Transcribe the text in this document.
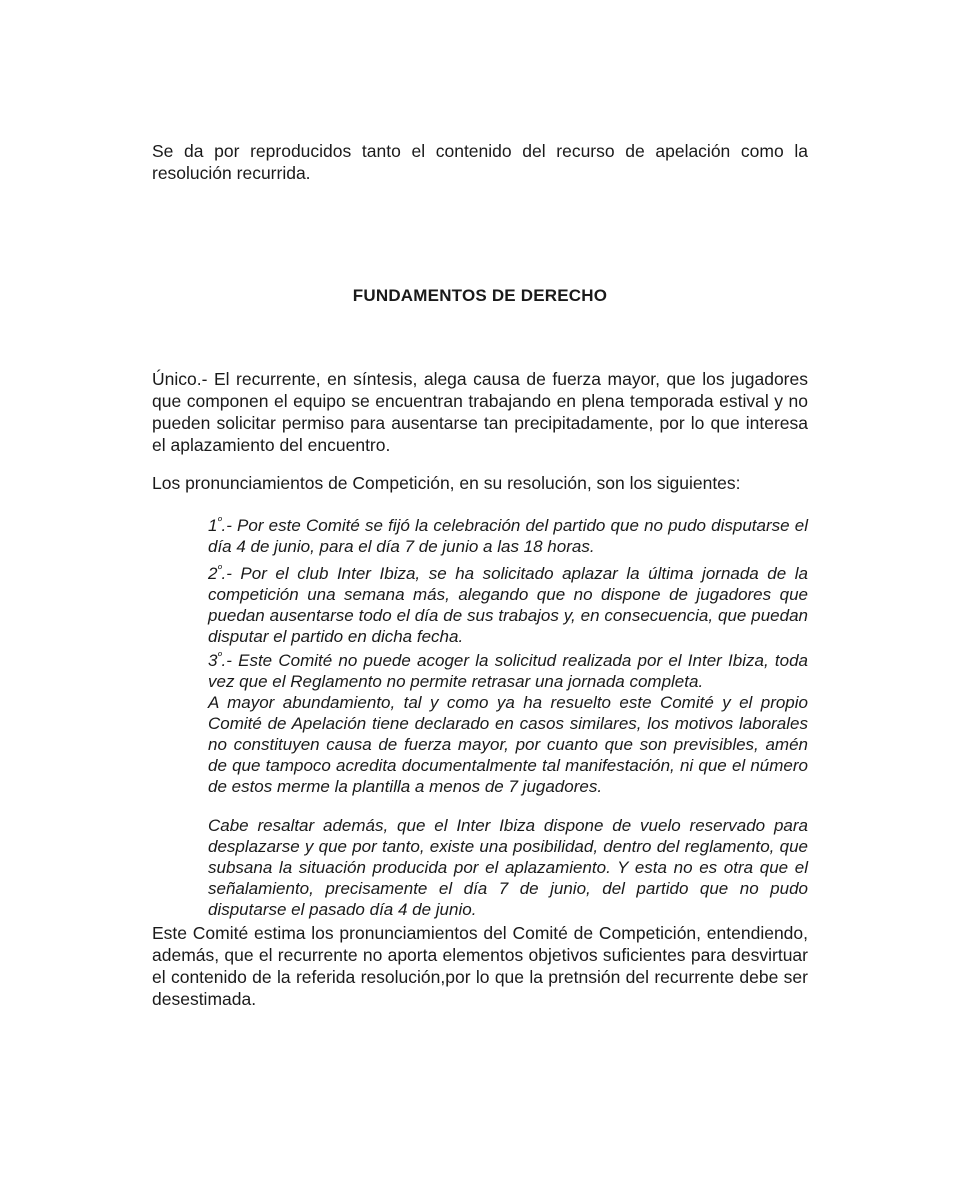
Se da por reproducidos tanto el contenido del recurso de apelación como la resolución recurrida.

FUNDAMENTOS DE DERECHO

Único.- El recurrente, en síntesis, alega causa de fuerza mayor, que los jugadores que componen el equipo se encuentran trabajando en plena temporada estival y no pueden solicitar permiso para ausentarse tan precipitadamente, por lo que interesa el aplazamiento del encuentro.

Los pronunciamientos de Competición, en su resolución, son los siguientes:

$1^º.-$ Por este Comité se fijó la celebración del partido que no pudo disputarse el día 4 de junio, para el día 7 de junio a las 18 horas.

$2^º.-$ Por el club Inter Ibiza, se ha solicitado aplazar la última jornada de la competición una semana más, alegando que no dispone de jugadores que puedan ausentarse todo el día de sus trabajos y, en consecuencia, que puedan disputar el partido en dicha fecha.

$3^º.-$ Este Comité no puede acoger la solicitud realizada por el Inter Ibiza, toda vez que el Reglamento no permite retrasar una jornada completa.

A mayor abundamiento, tal y como ya ha resuelto este Comité y el propio Comité de Apelación tiene declarado en casos similares, los motivos laborales no constituyen causa de fuerza mayor, por cuanto que son previsibles, amén de que tampoco acredita documentalmente tal manifestación, ni que el número de estos merme la plantilla a menos de 7 jugadores.

Cabe resaltar además, que el Inter Ibiza dispone de vuelo reservado para desplazarse y que por tanto, existe una posibilidad, dentro del reglamento, que subsana la situación producida por el aplazamiento. Y esta no es otra que el señalamiento, precisamente el día 7 de junio, del partido que no pudo disputarse el pasado día 4 de junio.

Este Comité estima los pronunciamientos del Comité de Competición, entendiendo, además, que el recurrente no aporta elementos objetivos suficientes para desvirtuar el contenido de la referida resolución,por lo que la pretnsión del recurrente debe ser desestimada.
